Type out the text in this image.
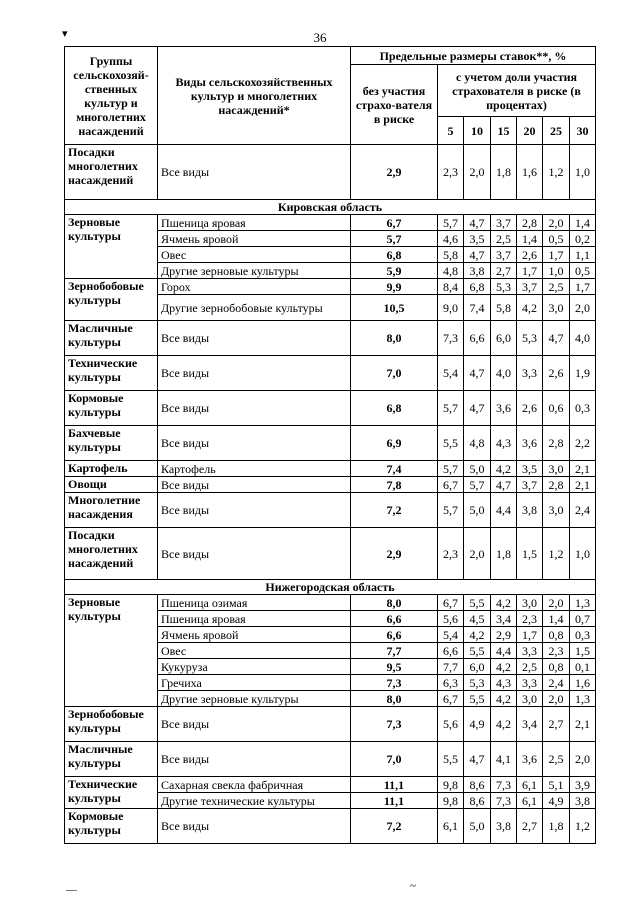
▾	36
Группы сельскохозяй-ственных культур и многолетних насаждений	Виды сельскохозяйственных культур и многолетних насаждений*	Предельные размеры ставок**, %						
		без участия страхо-вателя в риске	с учетом доли участия страхователя в риске (в процентах)					
			5	10	15	20	25	30
Посадки многолетних насаждений	Все виды	2,9	2,3	2,0	1,8	1,6	1,2	1,0
Кировская область								
Зерновые культуры	Пшеница яровая	6,7	5,7	4,7	3,7	2,8	2,0	1,4
	Ячмень яровой	5,7	4,6	3,5	2,5	1,4	0,5	0,2
	Овес	6,8	5,8	4,7	3,7	2,6	1,7	1,1
	Другие зерновые культуры	5,9	4,8	3,8	2,7	1,7	1,0	0,5
Зернобобовые культуры	Горох	9,9	8,4	6,8	5,3	3,7	2,5	1,7
	Другие зернобобовые культуры	10,5	9,0	7,4	5,8	4,2	3,0	2,0
Масличные культуры	Все виды	8,0	7,3	6,6	6,0	5,3	4,7	4,0
Технические культуры	Все виды	7,0	5,4	4,7	4,0	3,3	2,6	1,9
Кормовые культуры	Все виды	6,8	5,7	4,7	3,6	2,6	0,6	0,3
Бахчевые культуры	Все виды	6,9	5,5	4,8	4,3	3,6	2,8	2,2
Картофель	Картофель	7,4	5,7	5,0	4,2	3,5	3,0	2,1
Овощи	Все виды	7,8	6,7	5,7	4,7	3,7	2,8	2,1
Многолетние насаждения	Все виды	7,2	5,7	5,0	4,4	3,8	3,0	2,4
Посадки многолетних насаждений	Все виды	2,9	2,3	2,0	1,8	1,5	1,2	1,0
Нижегородская область								
Зерновые культуры	Пшеница озимая	8,0	6,7	5,5	4,2	3,0	2,0	1,3
	Пшеница яровая	6,6	5,6	4,5	3,4	2,3	1,4	0,7
	Ячмень яровой	6,6	5,4	4,2	2,9	1,7	0,8	0,3
	Овес	7,7	6,6	5,5	4,4	3,3	2,3	1,5
	Кукуруза	9,5	7,7	6,0	4,2	2,5	0,8	0,1
	Гречиха	7,3	6,3	5,3	4,3	3,3	2,4	1,6
	Другие зерновые культуры	8,0	6,7	5,5	4,2	3,0	2,0	1,3
Зернобобовые культуры	Все виды	7,3	5,6	4,9	4,2	3,4	2,7	2,1
Масличные культуры	Все виды	7,0	5,5	4,7	4,1	3,6	2,5	2,0
Технические культуры	Сахарная свекла фабричная	11,1	9,8	8,6	7,3	6,1	5,1	3,9
	Другие технические культуры	11,1	9,8	8,6	7,3	6,1	4,9	3,8
Кормовые культуры	Все виды	7,2	6,1	5,0	3,8	2,7	1,8	1,2
—	~
